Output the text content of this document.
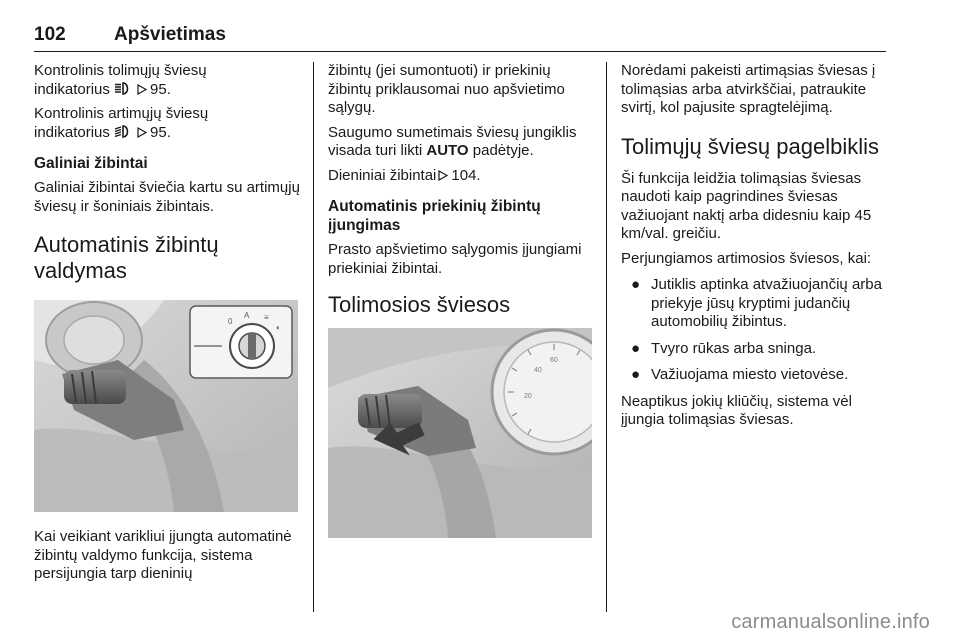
102	Apšvietimas

Kontrolinis tolimųjų šviesų
indikatorius	95.

Kontrolinis artimųjų šviesų
indikatorius	95.

Galiniai žibintai

Galiniai žibintai šviečia kartu su artimųjų šviesų ir šoniniais žibintais.

Automatinis žibintų valdymas
0
A ≡
◐

Kai veikiant varikliui įjungta automatinė žibintų valdymo funkcija, sistema persijungia tarp dieninių

žibintų (jei sumontuoti) ir priekinių žibintų priklausomai nuo apšvietimo sąlygų.

Saugumo sumetimais šviesų jungiklis visada turi likti AUTO padėtyje.

Dieniniai žibintai 104.

Automatinis priekinių žibintų įjungimas

Prasto apšvietimo sąlygomis įjungiami priekiniai žibintai.

Tolimosios šviesos
20
40
60

Norėdami pakeisti artimąsias šviesas į tolimąsias arba atvirkščiai, patraukite svirtį, kol pajusite spragtelėjimą.

Tolimųjų šviesų pagelbiklis

Ši funkcija leidžia tolimąsias šviesas naudoti kaip pagrindines šviesas važiuojant naktį arba didesniu kaip 45 km/val. greičiu.

Perjungiamos artimosios šviesos, kai:

● Jutiklis aptinka atvažiuojančių arba priekyje jūsų kryptimi judančių automobilių žibintus.
● Tvyro rūkas arba sninga.
● Važiuojama miesto vietovėse.

Neaptikus jokių kliūčių, sistema vėl įjungia tolimąsias šviesas.

carmanualsonline.info
